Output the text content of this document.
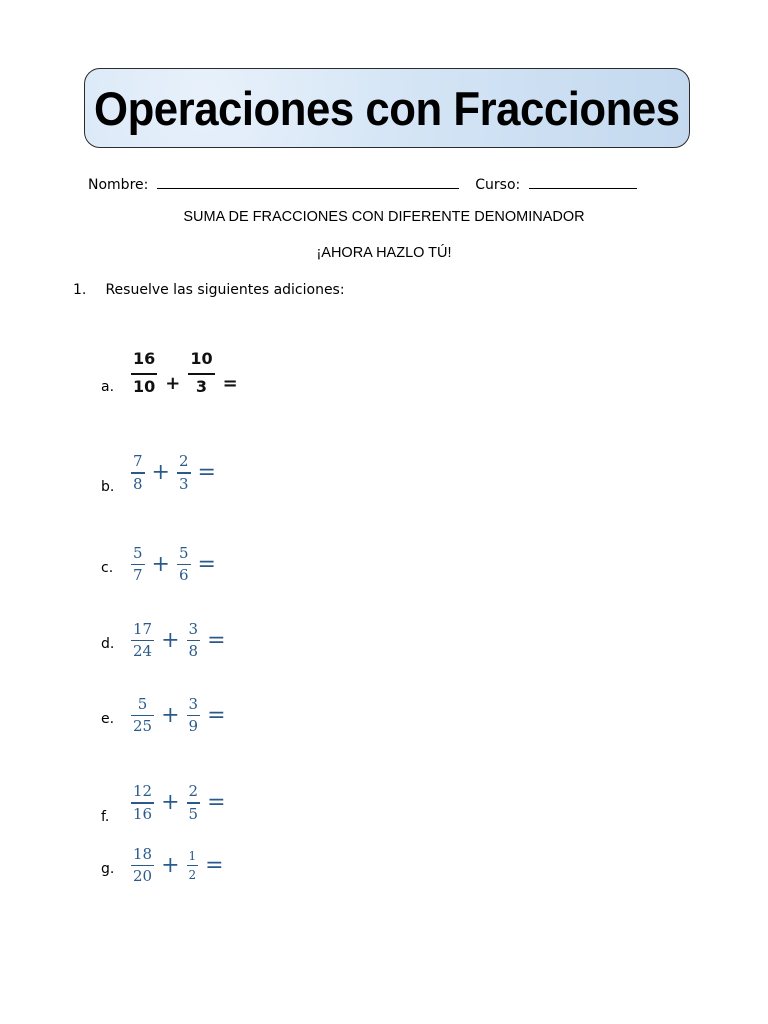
Operaciones con Fracciones
Nombre:	Curso:
SUMA DE FRACCIONES CON DIFERENTE DENOMINADOR
¡AHORA HAZLO TÚ!
1. Resuelve las siguientes adiciones:
a.	$\frac{16}{10} + \frac{10}{3}$ =
b.	$\frac{7}{8} + \frac{2}{3}$ =
c.	$\frac{5}{7} + \frac{5}{6}$ =
d.	$\frac{17}{24} + \frac{3}{8}$ =
e.	$\frac{5}{25} + \frac{3}{9}$ =
f.	$\frac{12}{16} + \frac{2}{5}$ =
g.	$\frac{18}{20} + \frac{1}{2}$ =
